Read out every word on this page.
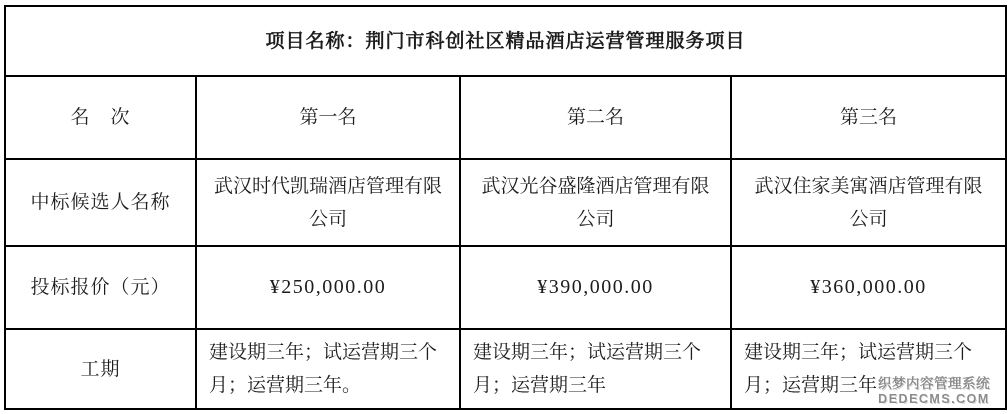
项目名称：荆门市科创社区精品酒店运营管理服务项目			
名　次	第一名	第二名	第三名
中标候选人名称	武汉时代凯瑞酒店管理有限公司	武汉光谷盛隆酒店管理有限公司	武汉住家美寓酒店管理有限公司
投标报价（元）	¥250,000.00	¥390,000.00	¥360,000.00
工期	建设期三年；试运营期三个月；运营期三年。	建设期三年；试运营期三个月；运营期三年	建设期三年；试运营期三个月；运营期三年 织梦内容管理系统
DEDECMS.COM
